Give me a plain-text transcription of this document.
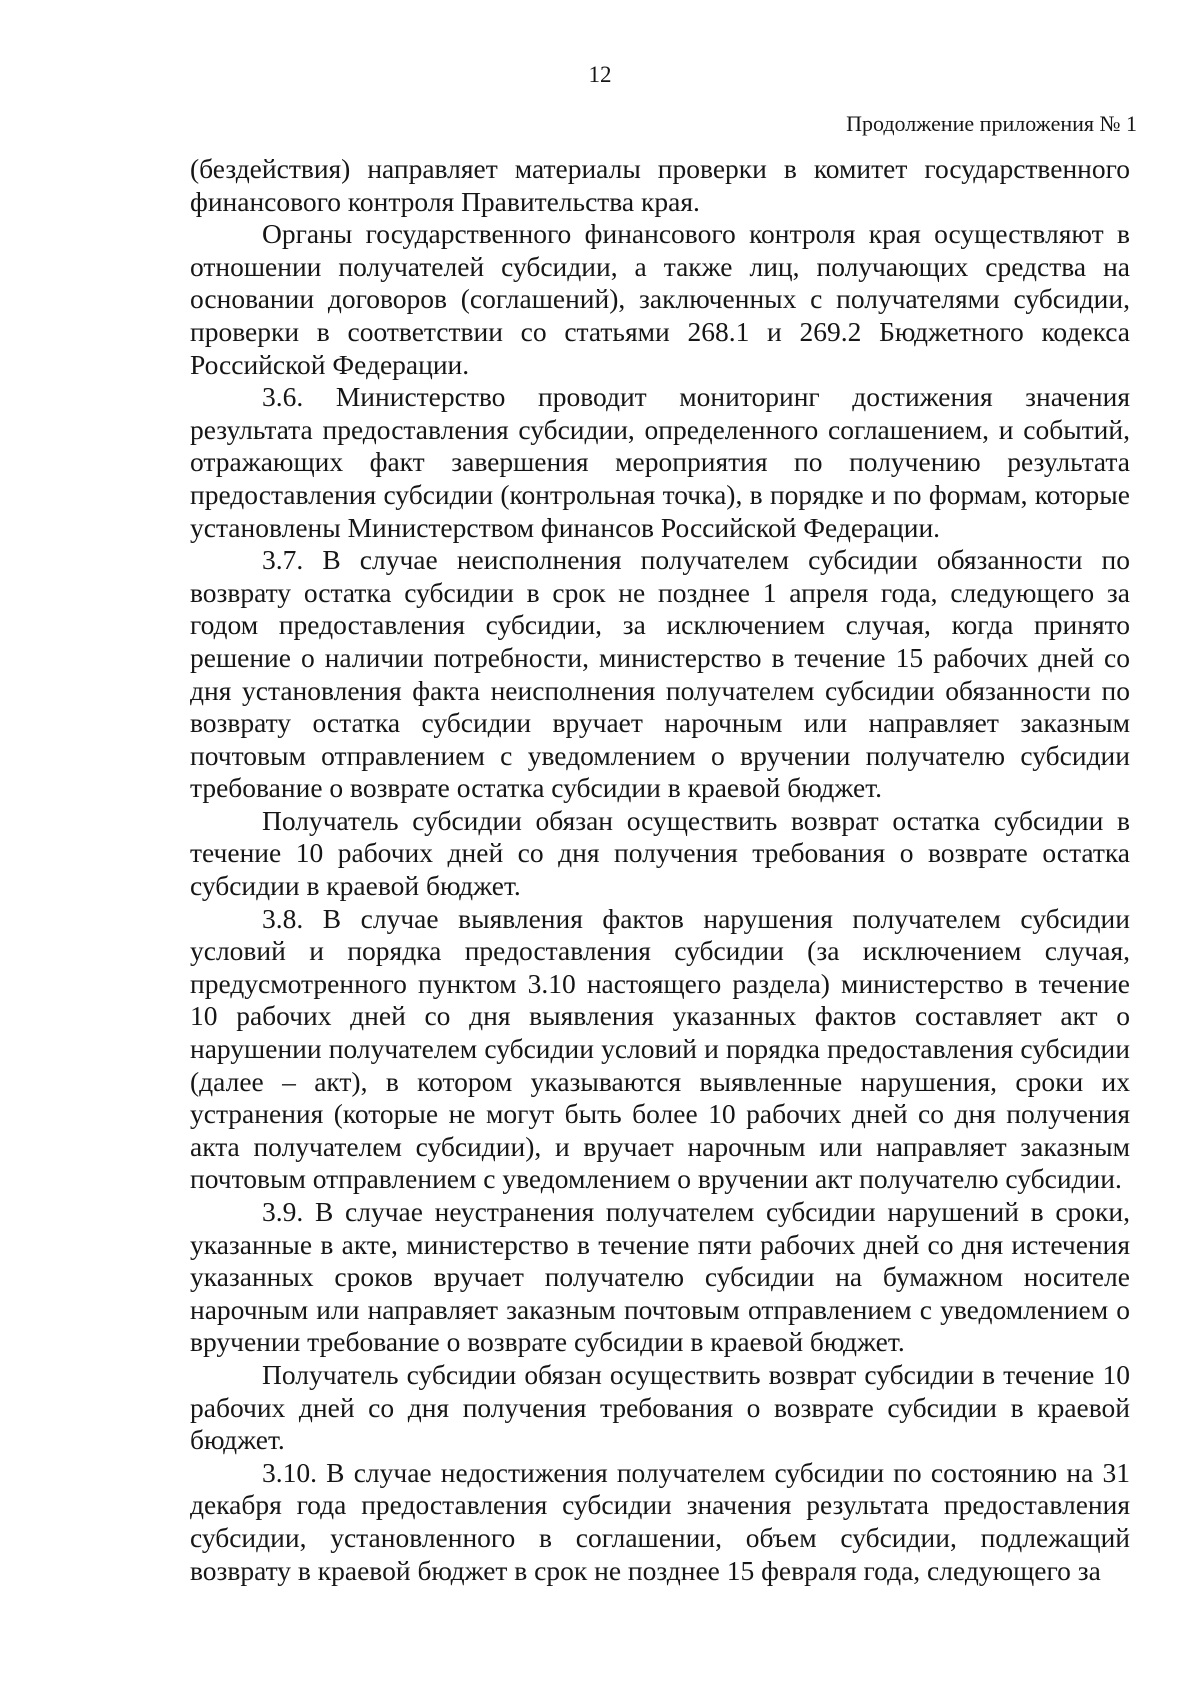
12
Продолжение приложения № 1

(бездействия) направляет материалы проверки в комитет государственного финансового контроля Правительства края.

Органы государственного финансового контроля края осуществляют в отношении получателей субсидии, а также лиц, получающих средства на основании договоров (соглашений), заключенных с получателями субсидии, проверки в соответствии со статьями 268.1 и 269.2 Бюджетного кодекса Российской Федерации.

3.6. Министерство проводит мониторинг достижения значения результата предоставления субсидии, определенного соглашением, и событий, отражающих факт завершения мероприятия по получению результата предоставления субсидии (контрольная точка), в порядке и по формам, которые установлены Министерством финансов Российской Федерации.

3.7. В случае неисполнения получателем субсидии обязанности по возврату остатка субсидии в срок не позднее 1 апреля года, следующего за годом предоставления субсидии, за исключением случая, когда принято решение о наличии потребности, министерство в течение 15 рабочих дней со дня установления факта неисполнения получателем субсидии обязанности по возврату остатка субсидии вручает нарочным или направляет заказным почтовым отправлением с уведомлением о вручении получателю субсидии требование о возврате остатка субсидии в краевой бюджет.

Получатель субсидии обязан осуществить возврат остатка субсидии в течение 10 рабочих дней со дня получения требования о возврате остатка субсидии в краевой бюджет.

3.8. В случае выявления фактов нарушения получателем субсидии условий и порядка предоставления субсидии (за исключением случая, предусмотренного пунктом 3.10 настоящего раздела) министерство в течение 10 рабочих дней со дня выявления указанных фактов составляет акт о нарушении получателем субсидии условий и порядка предоставления субсидии (далее – акт), в котором указываются выявленные нарушения, сроки их устранения (которые не могут быть более 10 рабочих дней со дня получения акта получателем субсидии), и вручает нарочным или направляет заказным почтовым отправлением с уведомлением о вручении акт получателю субсидии.

3.9. В случае неустранения получателем субсидии нарушений в сроки, указанные в акте, министерство в течение пяти рабочих дней со дня истечения указанных сроков вручает получателю субсидии на бумажном носителе нарочным или направляет заказным почтовым отправлением с уведомлением о вручении требование о возврате субсидии в краевой бюджет.

Получатель субсидии обязан осуществить возврат субсидии в течение 10 рабочих дней со дня получения требования о возврате субсидии в краевой бюджет.

3.10. В случае недостижения получателем субсидии по состоянию на 31 декабря года предоставления субсидии значения результата предоставления субсидии, установленного в соглашении, объем субсидии, подлежащий возврату в краевой бюджет в срок не позднее 15 февраля года, следующего за
